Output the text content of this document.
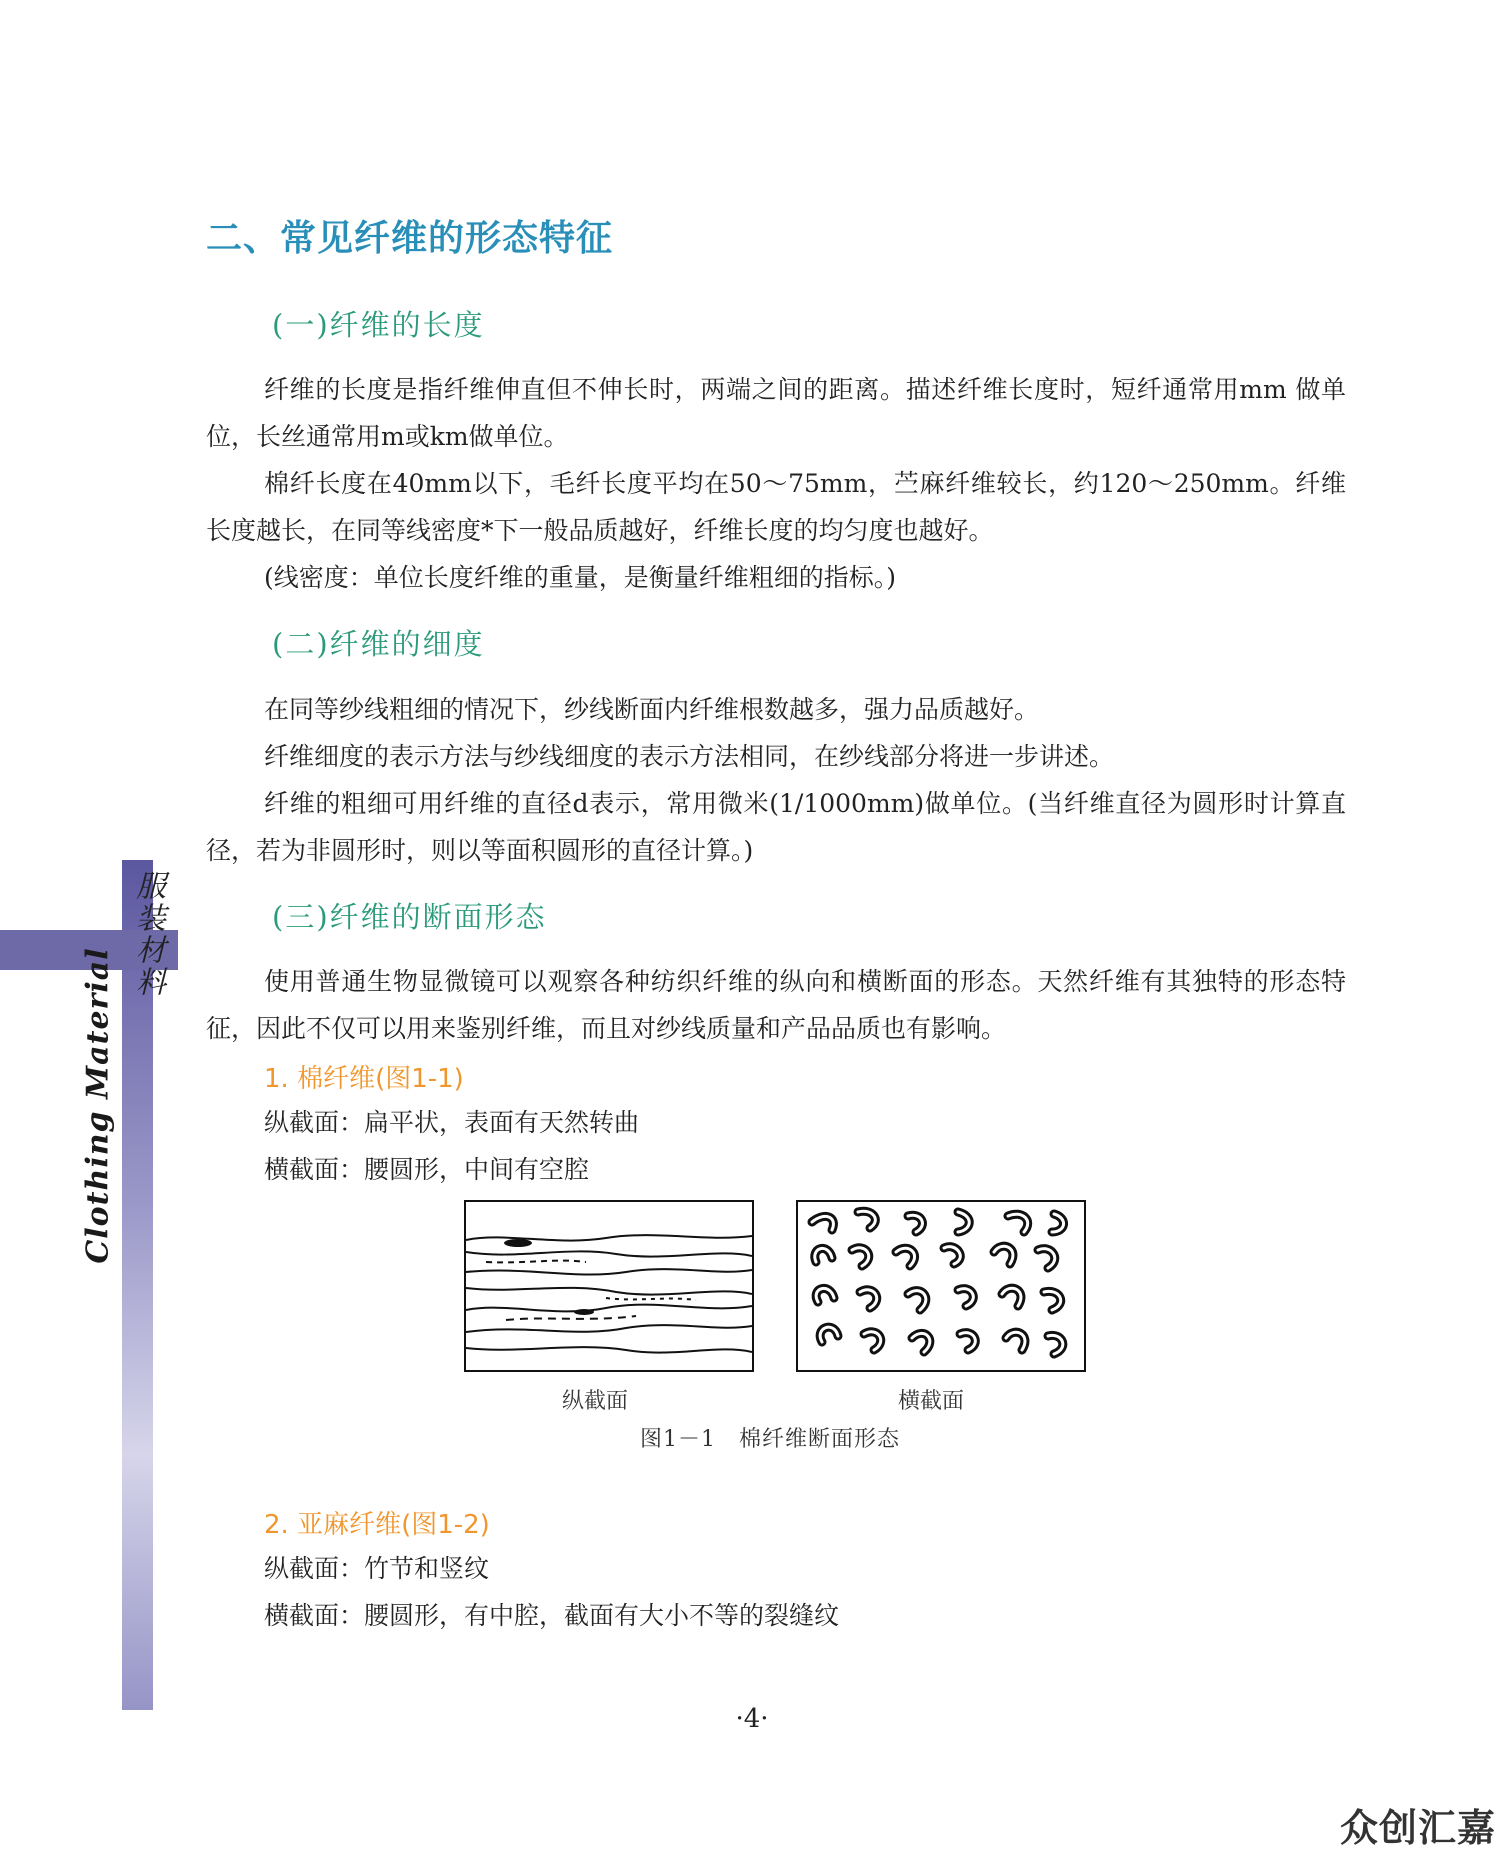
服装材料
Clothing Material
二、常见纤维的形态特征
(一)纤维的长度
纤维的长度是指纤维伸直但不伸长时，两端之间的距离。描述纤维长度时，短纤通常用mm 做单位，长丝通常用m或km做单位。
棉纤长度在40mm以下，毛纤长度平均在50～75mm，苎麻纤维较长，约120～250mm。纤维长度越长，在同等线密度*下一般品质越好，纤维长度的均匀度也越好。
(线密度：单位长度纤维的重量，是衡量纤维粗细的指标。)
(二)纤维的细度
在同等纱线粗细的情况下，纱线断面内纤维根数越多，强力品质越好。
纤维细度的表示方法与纱线细度的表示方法相同，在纱线部分将进一步讲述。
纤维的粗细可用纤维的直径d表示，常用微米(1/1000mm)做单位。(当纤维直径为圆形时计算直径，若为非圆形时，则以等面积圆形的直径计算。)
(三)纤维的断面形态
使用普通生物显微镜可以观察各种纺织纤维的纵向和横断面的形态。天然纤维有其独特的形态特征，因此不仅可以用来鉴别纤维，而且对纱线质量和产品品质也有影响。
1. 棉纤维(图1-1)
纵截面：扁平状，表面有天然转曲
横截面：腰圆形，中间有空腔
纵截面	横截面
图1－1　棉纤维断面形态
2. 亚麻纤维(图1-2)
纵截面：竹节和竖纹
横截面：腰圆形，有中腔，截面有大小不等的裂缝纹
·4·
众创汇嘉
